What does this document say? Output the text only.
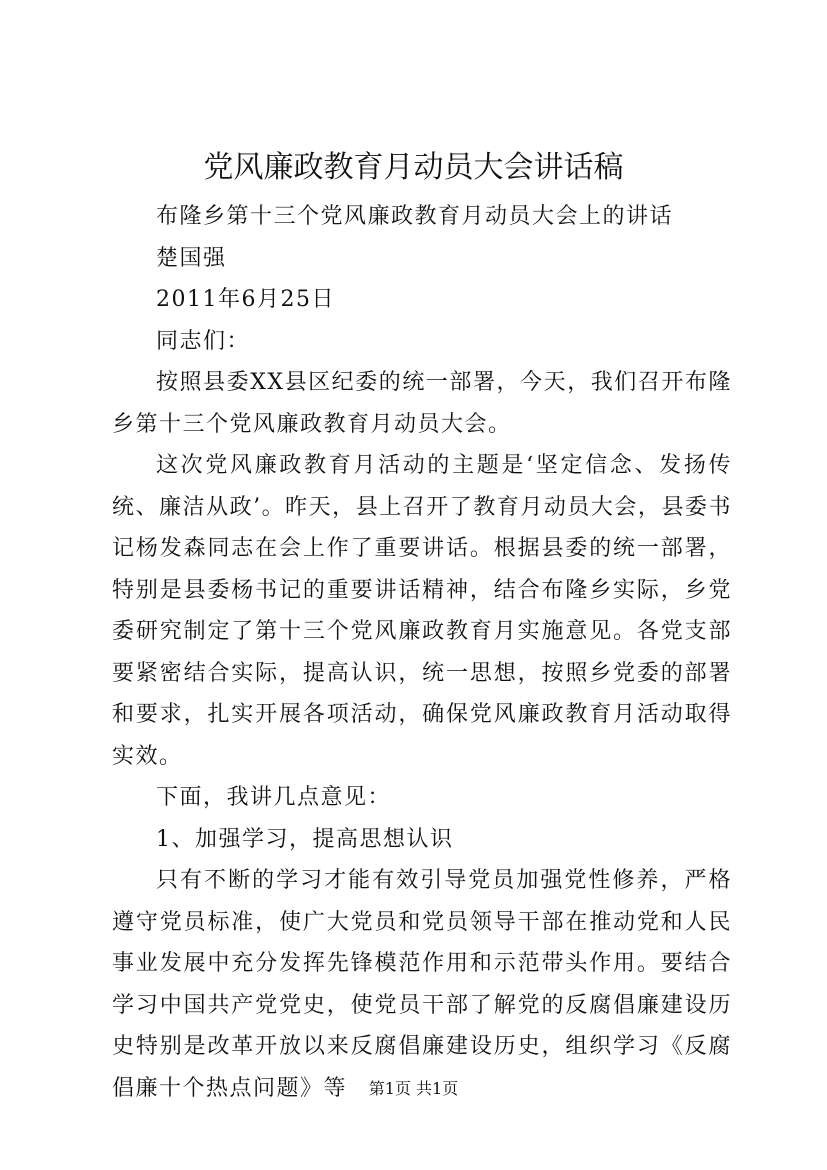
党风廉政教育月动员大会讲话稿

布隆乡第十三个党风廉政教育月动员大会上的讲话

楚国强

2011年6月25日

同志们：

按照县委XX县区纪委的统一部署，今天，我们召开布隆乡第十三个党风廉政教育月动员大会。

这次党风廉政教育月活动的主题是‘坚定信念、发扬传统、廉洁从政’。昨天，县上召开了教育月动员大会，县委书记杨发森同志在会上作了重要讲话。根据县委的统一部署，特别是县委杨书记的重要讲话精神，结合布隆乡实际，乡党委研究制定了第十三个党风廉政教育月实施意见。各党支部要紧密结合实际，提高认识，统一思想，按照乡党委的部署和要求，扎实开展各项活动，确保党风廉政教育月活动取得实效。

下面，我讲几点意见：

1、加强学习，提高思想认识

只有不断的学习才能有效引导党员加强党性修养，严格遵守党员标准，使广大党员和党员领导干部在推动党和人民事业发展中充分发挥先锋模范作用和示范带头作用。要结合学习中国共产党党史，使党员干部了解党的反腐倡廉建设历史特别是改革开放以来反腐倡廉建设历史，组织学习《反腐倡廉十个热点问题》等	第1页 共1页
